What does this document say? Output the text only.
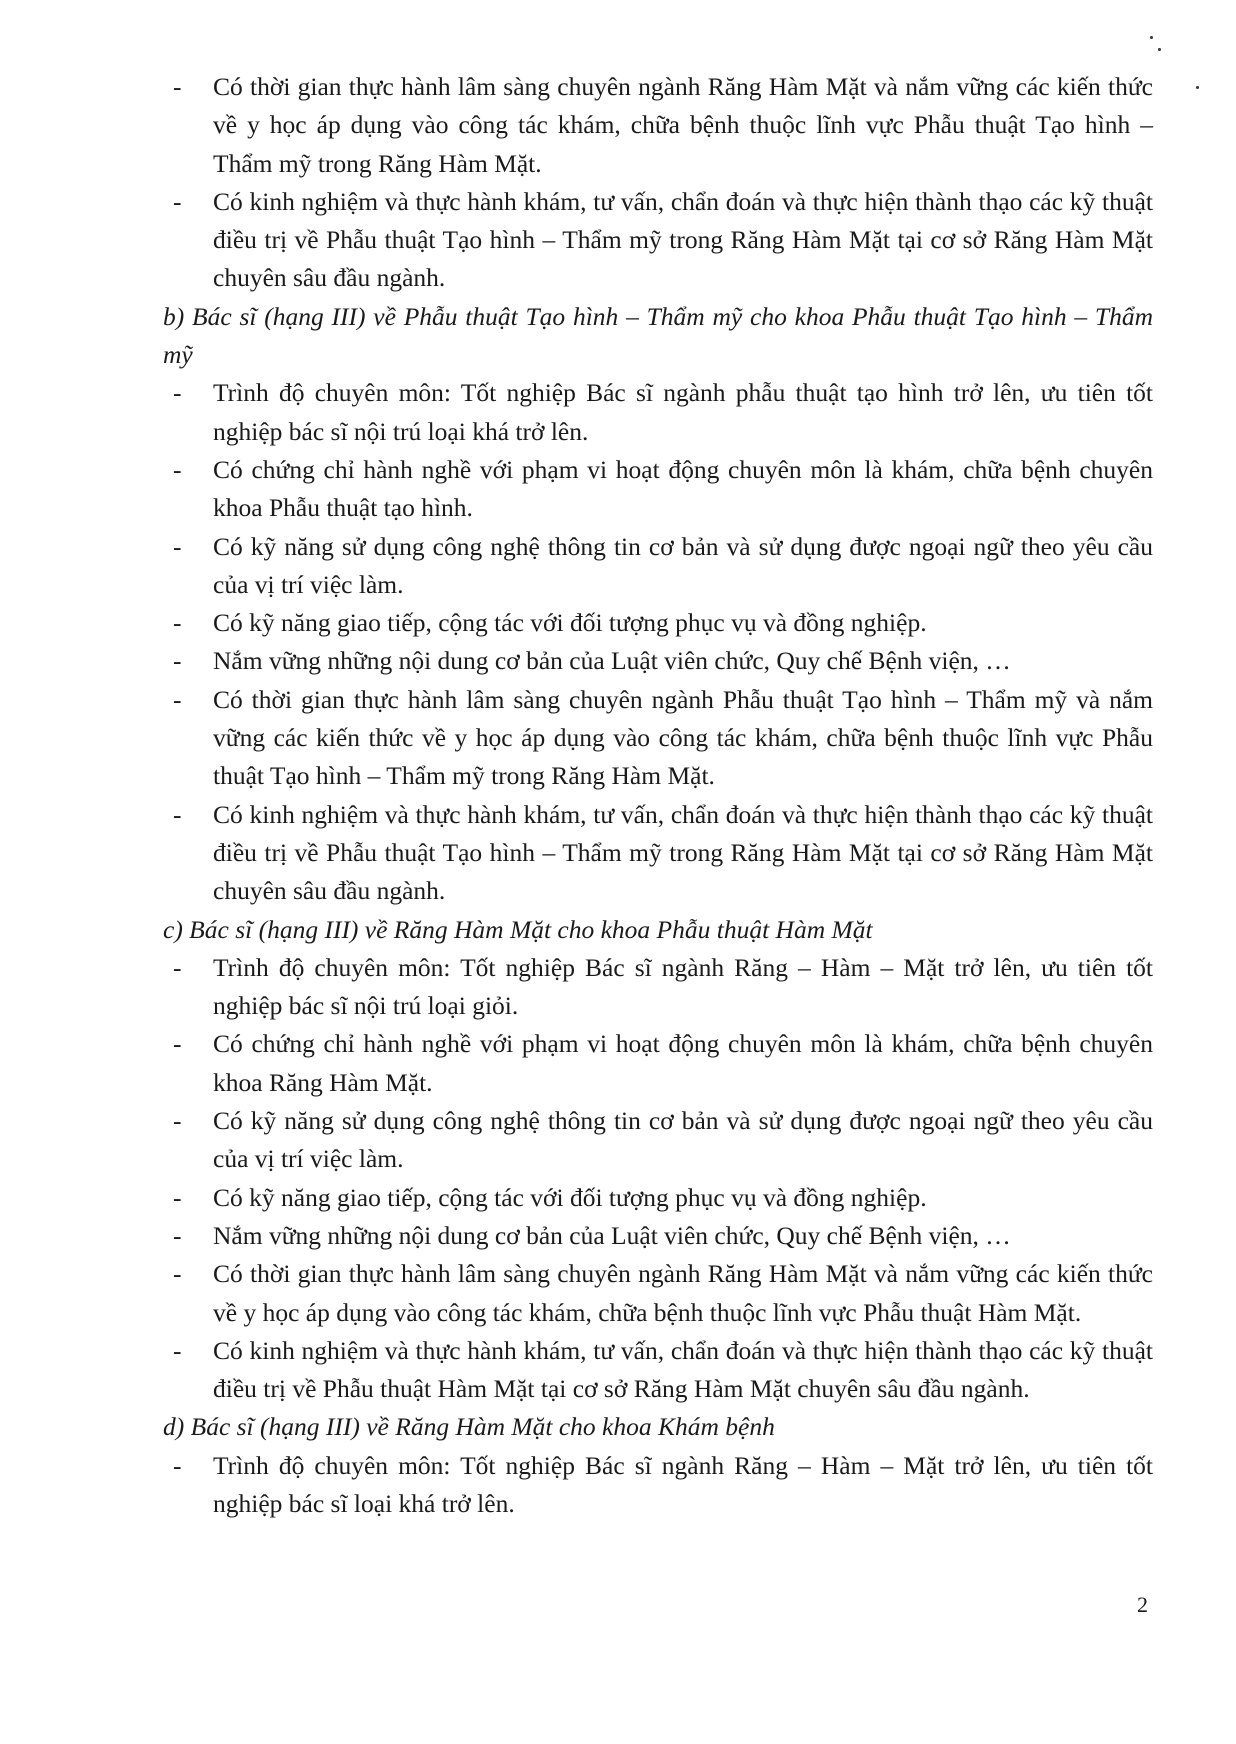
- Có thời gian thực hành lâm sàng chuyên ngành Răng Hàm Mặt và nắm vững các kiến thức về y học áp dụng vào công tác khám, chữa bệnh thuộc lĩnh vực Phẫu thuật Tạo hình – Thẩm mỹ trong Răng Hàm Mặt.
- Có kinh nghiệm và thực hành khám, tư vấn, chẩn đoán và thực hiện thành thạo các kỹ thuật điều trị về Phẫu thuật Tạo hình – Thẩm mỹ trong Răng Hàm Mặt tại cơ sở Răng Hàm Mặt chuyên sâu đầu ngành.

b) Bác sĩ (hạng III) về Phẫu thuật Tạo hình – Thẩm mỹ cho khoa Phẫu thuật Tạo hình – Thẩm mỹ

- Trình độ chuyên môn: Tốt nghiệp Bác sĩ ngành phẫu thuật tạo hình trở lên, ưu tiên tốt nghiệp bác sĩ nội trú loại khá trở lên.
- Có chứng chỉ hành nghề với phạm vi hoạt động chuyên môn là khám, chữa bệnh chuyên khoa Phẫu thuật tạo hình.
- Có kỹ năng sử dụng công nghệ thông tin cơ bản và sử dụng được ngoại ngữ theo yêu cầu của vị trí việc làm.
- Có kỹ năng giao tiếp, cộng tác với đối tượng phục vụ và đồng nghiệp.
- Nắm vững những nội dung cơ bản của Luật viên chức, Quy chế Bệnh viện, …
- Có thời gian thực hành lâm sàng chuyên ngành Phẫu thuật Tạo hình – Thẩm mỹ và nắm vững các kiến thức về y học áp dụng vào công tác khám, chữa bệnh thuộc lĩnh vực Phẫu thuật Tạo hình – Thẩm mỹ trong Răng Hàm Mặt.
- Có kinh nghiệm và thực hành khám, tư vấn, chẩn đoán và thực hiện thành thạo các kỹ thuật điều trị về Phẫu thuật Tạo hình – Thẩm mỹ trong Răng Hàm Mặt tại cơ sở Răng Hàm Mặt chuyên sâu đầu ngành.

c) Bác sĩ (hạng III) về Răng Hàm Mặt cho khoa Phẫu thuật Hàm Mặt

- Trình độ chuyên môn: Tốt nghiệp Bác sĩ ngành Răng – Hàm – Mặt trở lên, ưu tiên tốt nghiệp bác sĩ nội trú loại giỏi.
- Có chứng chỉ hành nghề với phạm vi hoạt động chuyên môn là khám, chữa bệnh chuyên khoa Răng Hàm Mặt.
- Có kỹ năng sử dụng công nghệ thông tin cơ bản và sử dụng được ngoại ngữ theo yêu cầu của vị trí việc làm.
- Có kỹ năng giao tiếp, cộng tác với đối tượng phục vụ và đồng nghiệp.
- Nắm vững những nội dung cơ bản của Luật viên chức, Quy chế Bệnh viện, …
- Có thời gian thực hành lâm sàng chuyên ngành Răng Hàm Mặt và nắm vững các kiến thức về y học áp dụng vào công tác khám, chữa bệnh thuộc lĩnh vực Phẫu thuật Hàm Mặt.
- Có kinh nghiệm và thực hành khám, tư vấn, chẩn đoán và thực hiện thành thạo các kỹ thuật điều trị về Phẫu thuật Hàm Mặt tại cơ sở Răng Hàm Mặt chuyên sâu đầu ngành.

d) Bác sĩ (hạng III) về Răng Hàm Mặt cho khoa Khám bệnh

- Trình độ chuyên môn: Tốt nghiệp Bác sĩ ngành Răng – Hàm – Mặt trở lên, ưu tiên tốt nghiệp bác sĩ loại khá trở lên.
2
